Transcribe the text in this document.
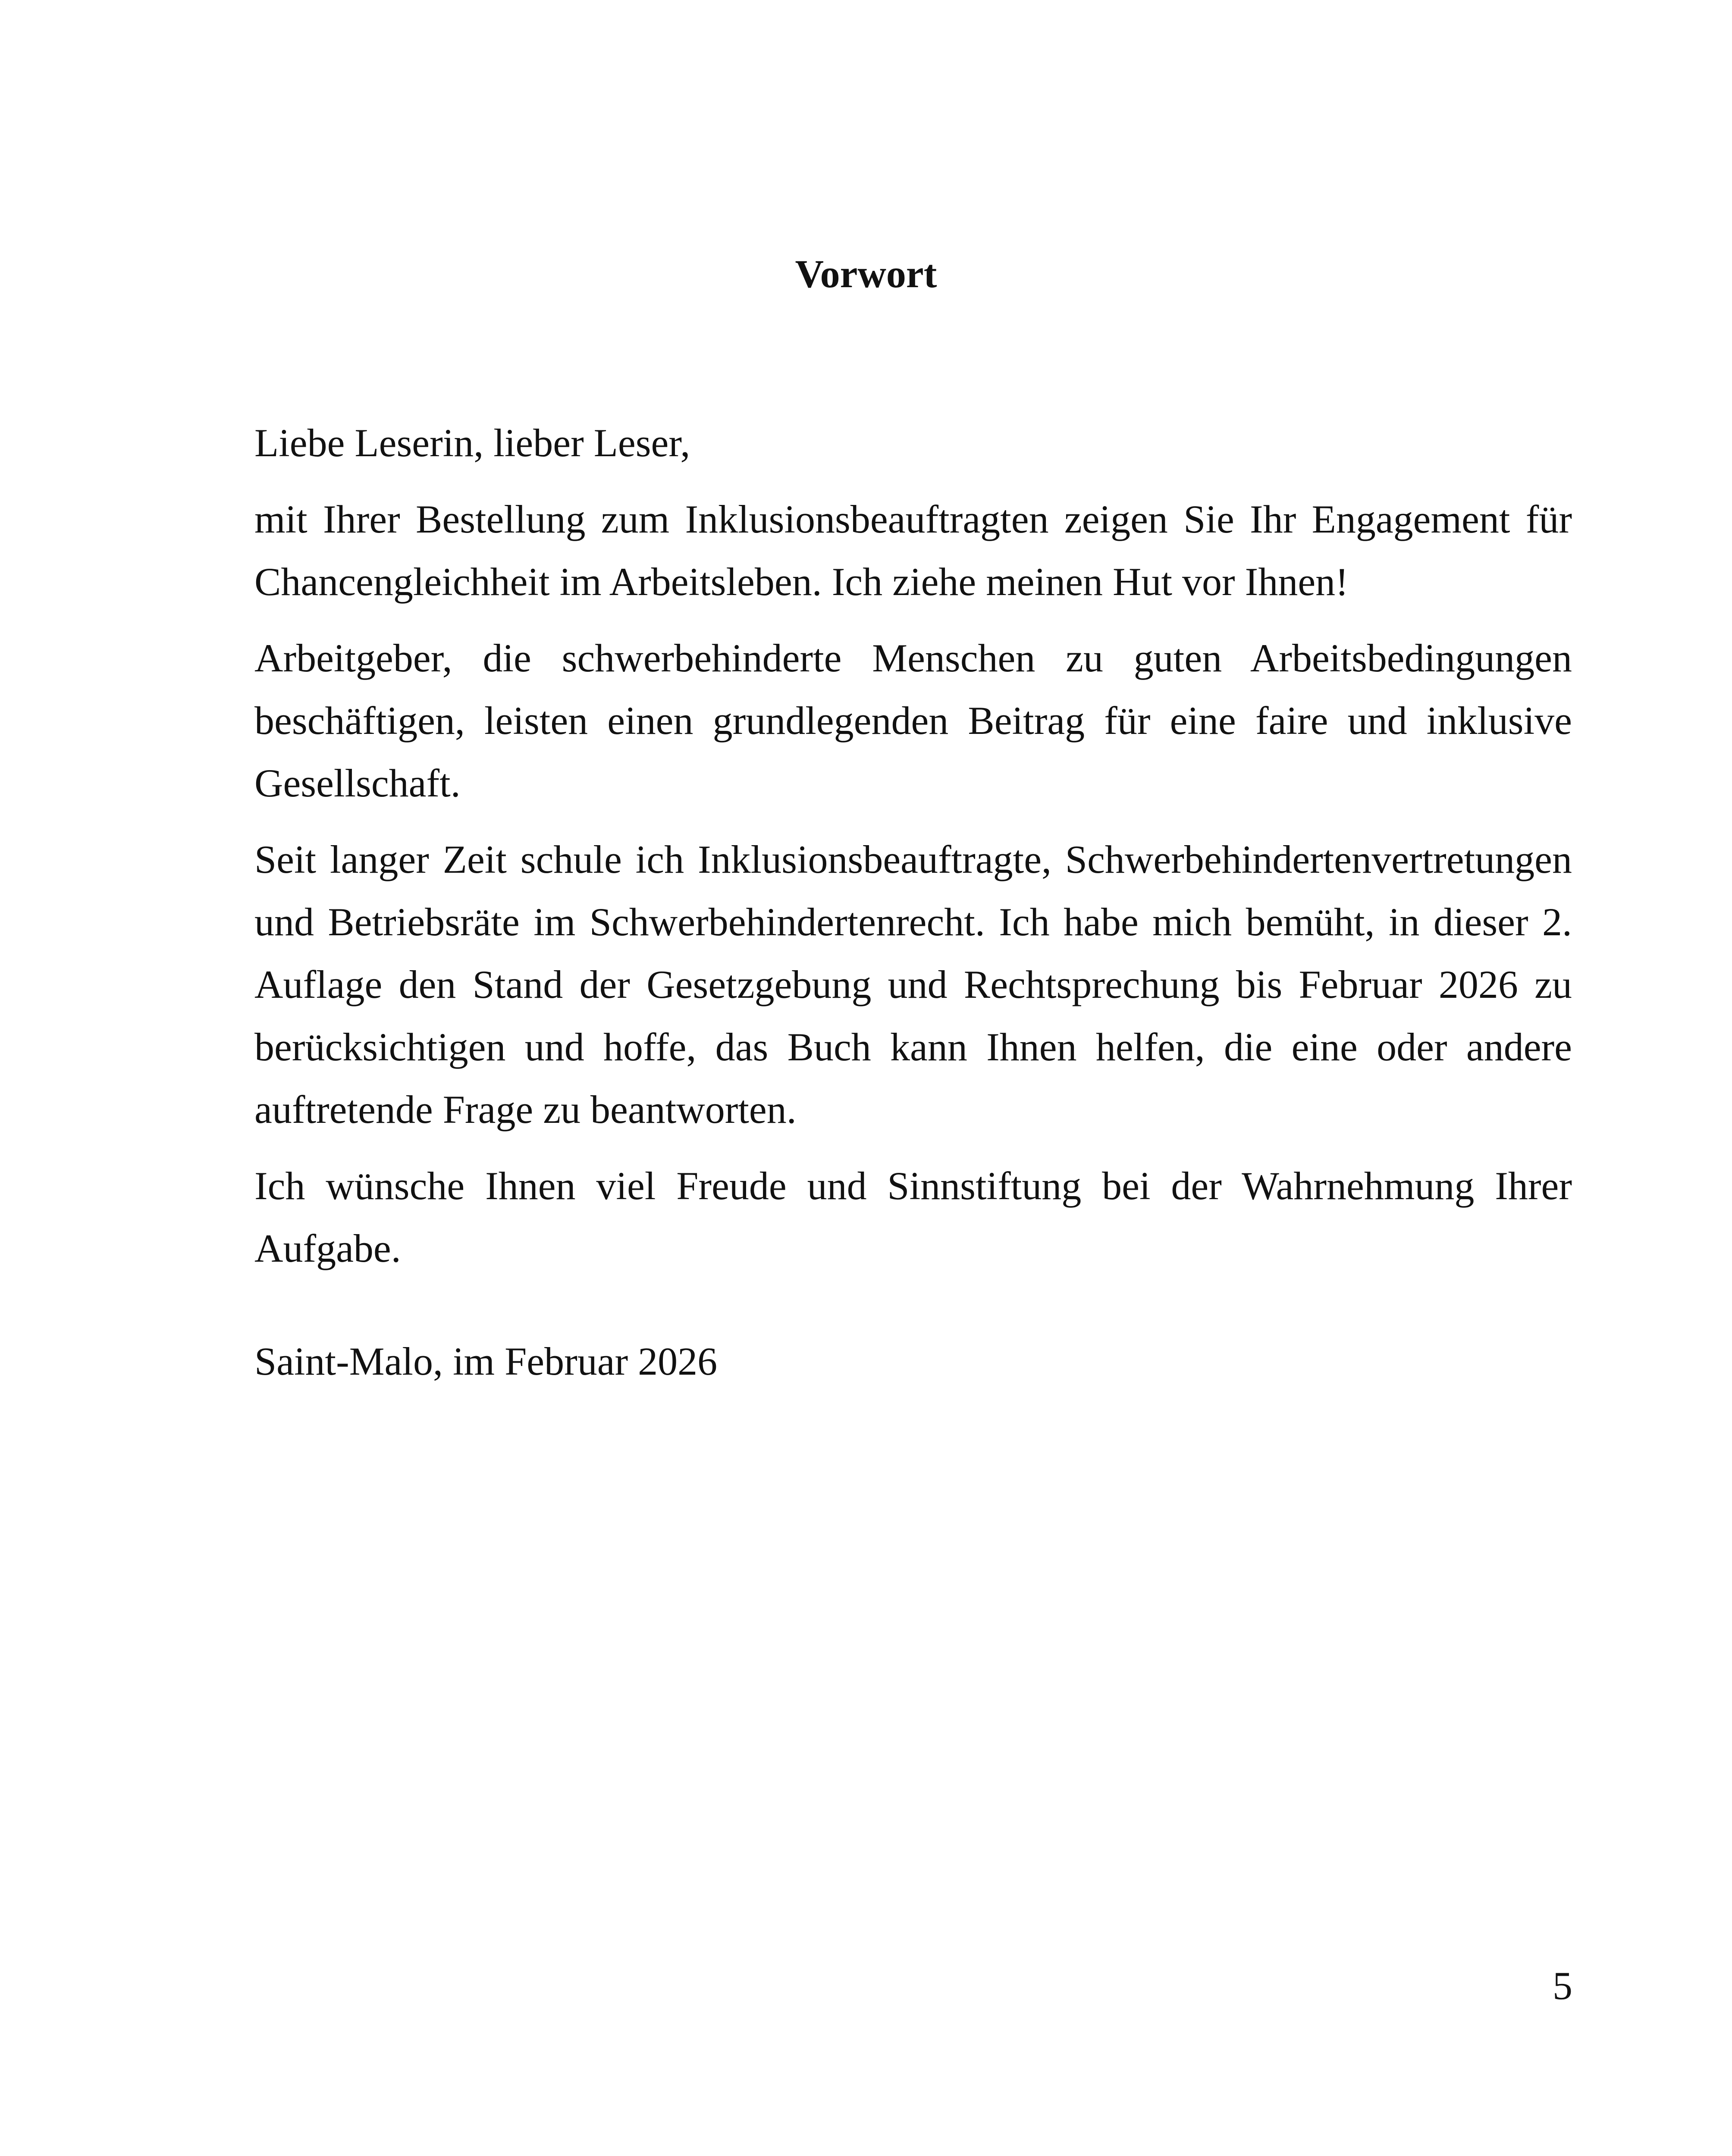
Vorwort

Liebe Leserin, lieber Leser,

mit Ihrer Bestellung zum Inklusionsbeauftragten zeigen Sie Ihr Engagement für Chancengleichheit im Arbeitsleben. Ich ziehe meinen Hut vor Ihnen!

Arbeitgeber, die schwerbehinderte Menschen zu guten Arbeitsbedingungen beschäftigen, leisten einen grundlegenden Beitrag für eine faire und inklusive Gesellschaft.

Seit langer Zeit schule ich Inklusionsbeauftragte, Schwerbehindertenvertretungen und Betriebsräte im Schwerbehindertenrecht. Ich habe mich bemüht, in dieser 2. Auflage den Stand der Gesetzgebung und Rechtsprechung bis Februar 2026 zu berücksichtigen und hoffe, das Buch kann Ihnen helfen, die eine oder andere auftretende Frage zu beantworten.

Ich wünsche Ihnen viel Freude und Sinnstiftung bei der Wahrnehmung Ihrer Aufgabe.

Saint-Malo, im Februar 2026

5
